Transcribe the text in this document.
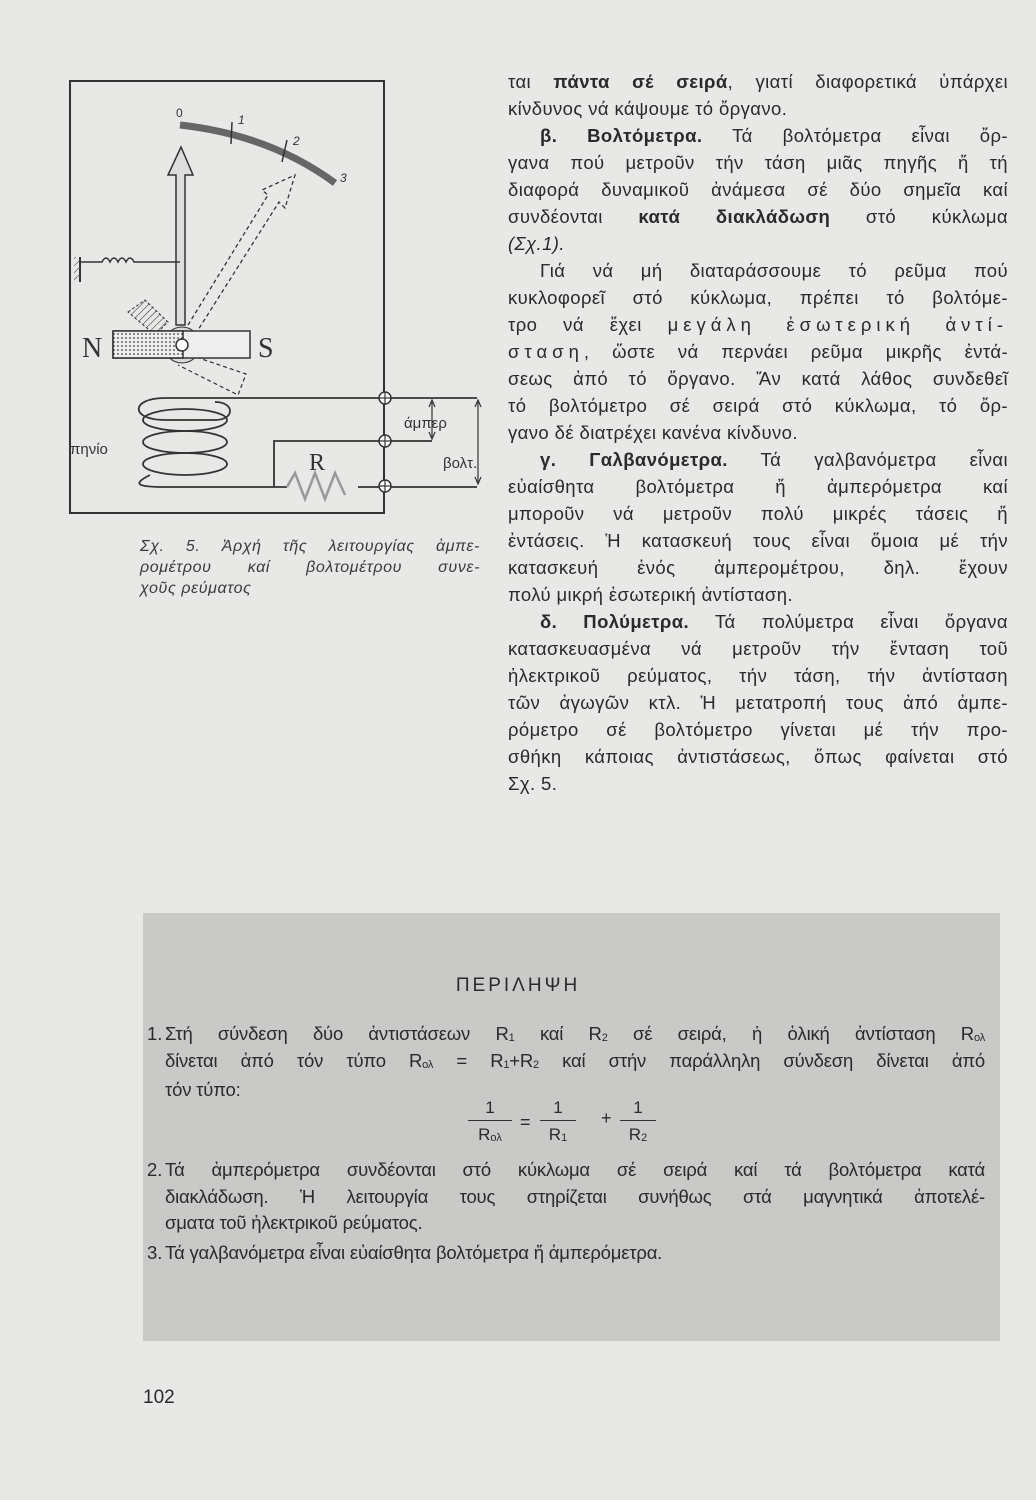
0	1
2
3
N	S
πηνίο
R
άμπερ
βολτ.
Σχ. 5. Ἀρχή τῆς λειτουργίας ἀμπε-
ρομέτρου καί βολτομέτρου συνε-
χοῦς ρεύματος
ται πάντα σέ σειρά, γιατί διαφορετικά ὑπάρχει
κίνδυνος νά κάψουμε τό ὄργανο.
β. Βολτόμετρα. Τά βολτόμετρα εἶναι ὄρ-
γανα πού μετροῦν τήν τάση μιᾶς πηγῆς ἤ τή
διαφορά δυναμικοῦ ἀνάμεσα σέ δύο σημεῖα καί
συνδέονται κατά διακλάδωση στό κύκλωμα
(Σχ.1).
Γιά νά μή διαταράσσουμε τό ρεῦμα πού
κυκλοφορεῖ στό κύκλωμα, πρέπει τό βολτόμε-
τρο νά ἔχει μεγάλη ἐσωτερική ἀντί-
σταση, ὥστε νά περνάει ρεῦμα μικρῆς ἐντά-
σεως ἀπό τό ὄργανο. Ἄν κατά λάθος συνδεθεῖ
τό βολτόμετρο σέ σειρά στό κύκλωμα, τό ὄρ-
γανο δέ διατρέχει κανένα κίνδυνο.
γ. Γαλβανόμετρα. Τά γαλβανόμετρα εἶναι
εὐαίσθητα βολτόμετρα ἤ ἀμπερόμετρα καί
μποροῦν νά μετροῦν πολύ μικρές τάσεις ἤ
ἐντάσεις. Ἡ κατασκευή τους εἶναι ὅμοια μέ τήν
κατασκευή ἑνός ἀμπερομέτρου, δηλ. ἔχουν
πολύ μικρή ἐσωτερική ἀντίσταση.
δ. Πολύμετρα. Τά πολύμετρα εἶναι ὄργανα
κατασκευασμένα νά μετροῦν τήν ἔνταση τοῦ
ἠλεκτρικοῦ ρεύματος, τήν τάση, τήν ἀντίσταση
τῶν ἀγωγῶν κτλ. Ἡ μετατροπή τους ἀπό ἀμπε-
ρόμετρο σέ βολτόμετρο γίνεται μέ τήν προ-
σθήκη κάποιας ἀντιστάσεως, ὅπως φαίνεται στό
Σχ. 5.
ΠΕΡΙΛΗΨΗ
1. Στή σύνδεση δύο ἀντιστάσεων $R_1$ καί $R_2$ σέ σειρά, ἡ ὁλική ἀντίσταση $R_{o\lambda}$
δίνεται ἀπό τόν τύπο $R_{o\lambda} = R_1+R_2$ καί στήν παράλληλη σύνδεση δίνεται ἀπό
τόν τύπο:
1
$R_{o\lambda}$
= $\frac{1}{R_1} + \frac{1}{R_2}$
2. Τά ἀμπερόμετρα συνδέονται στό κύκλωμα σέ σειρά καί τά βολτόμετρα κατά
διακλάδωση. Ἡ λειτουργία τους στηρίζεται συνήθως στά μαγνητικά ἀποτελέ-
σματα τοῦ ἠλεκτρικοῦ ρεύματος.
3. Τά γαλβανόμετρα εἶναι εὐαίσθητα βολτόμετρα ἤ ἀμπερόμετρα.
102
